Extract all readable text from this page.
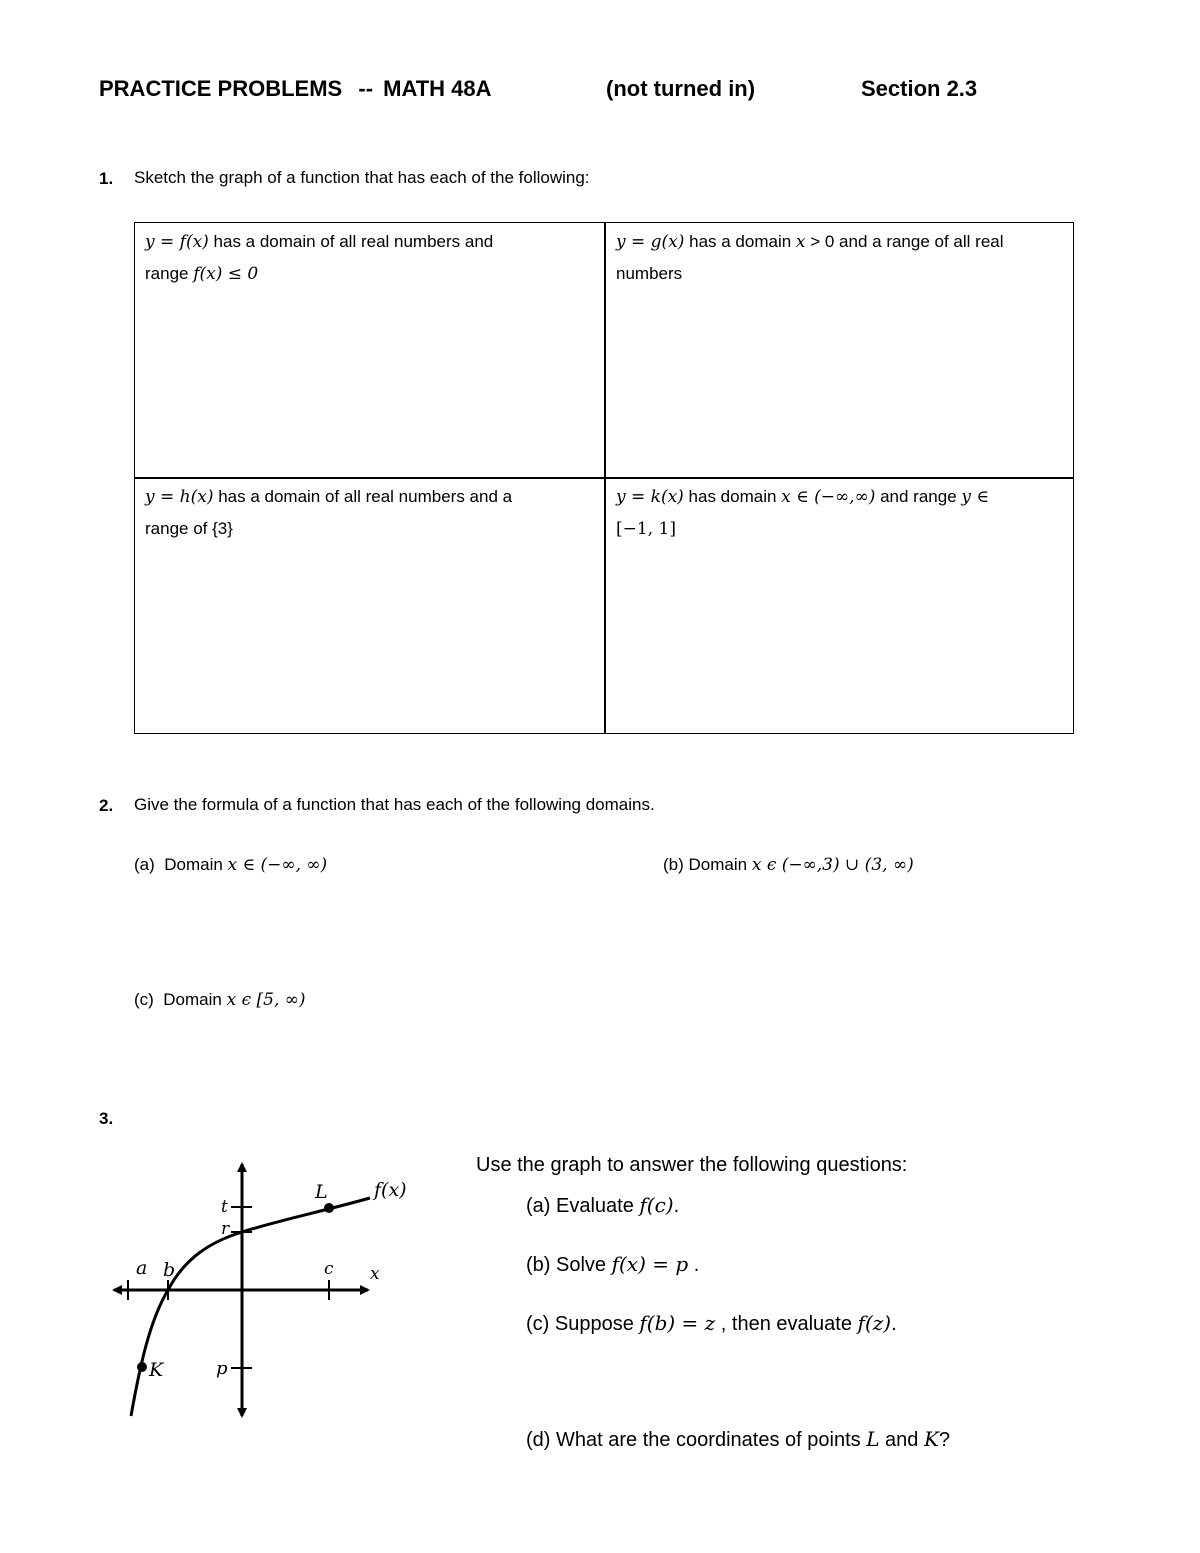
PRACTICE PROBLEMS -- MATH 48A	(not turned in)	Section 2.3
1. Sketch the graph of a function that has each of the following:
y = f(x) has a domain of all real numbers and
range f(x) ≤ 0
y = g(x) has a domain x > 0 and a range of all real
numbers
y = h(x) has a domain of all real numbers and a
range of {3}
y = k(x) has domain x ∈ (−∞,∞) and range y ∈
[−1, 1]
2. Give the formula of a function that has each of the following domains.
(a) Domain x ∈ (−∞, ∞)	(b) Domain x ϵ (−∞,3) ∪ (3, ∞)
(c) Domain x ϵ [5, ∞)
3.
f(x)
L
K
a b	c x
t
r
p
Use the graph to answer the following questions:
(a) Evaluate f(c).
(b) Solve f(x) = p .
(c) Suppose f(b) = z , then evaluate f(z).
(d) What are the coordinates of points L and K?
